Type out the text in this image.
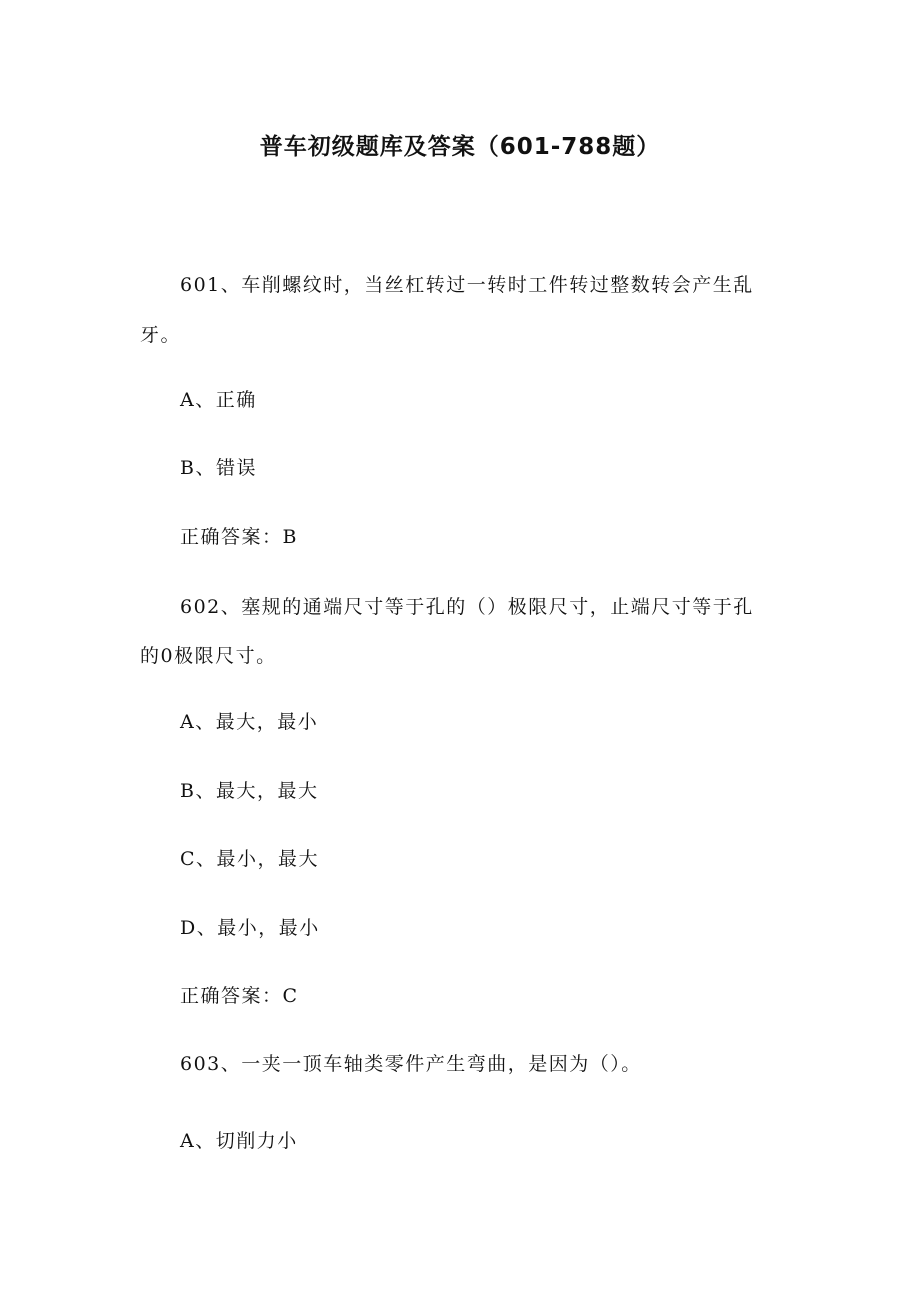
普车初级题库及答案（601-788题）
601、车削螺纹时，当丝杠转过一转时工件转过整数转会产生乱
牙。
A、正确
B、错误
正确答案：B
602、塞规的通端尺寸等于孔的（）极限尺寸，止端尺寸等于孔
的0极限尺寸。
A、最大，最小
B、最大，最大
C、最小，最大
D、最小，最小
正确答案：C
603、一夹一顶车轴类零件产生弯曲，是因为（）。
A、切削力小
